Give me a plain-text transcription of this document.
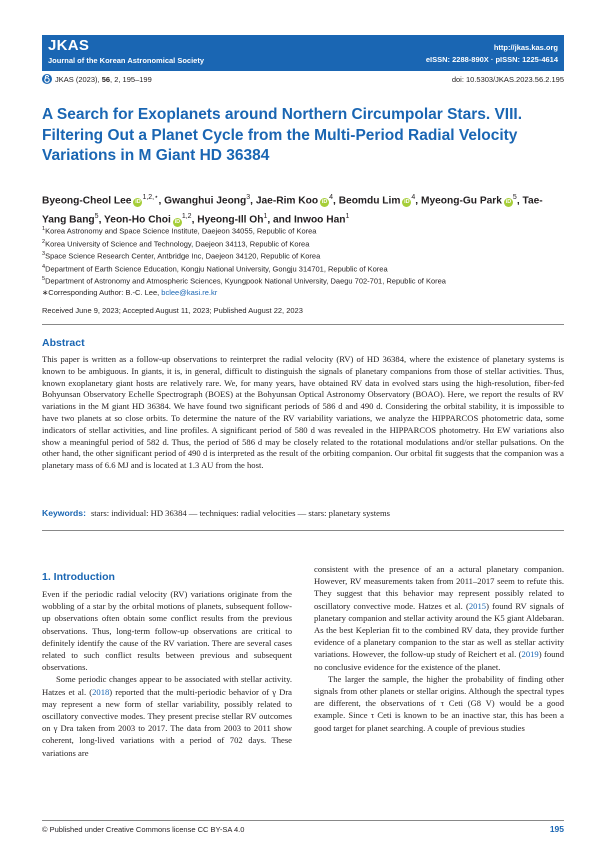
JKAS
Journal of the Korean Astronomical Society
http://jkas.kas.org
eISSN: 2288-890X · pISSN: 1225-4614
JKAS (2023), 56, 2, 195–199	doi: 10.5303/JKAS.2023.56.2.195
A Search for Exoplanets around Northern Circumpolar Stars. VIII. Filtering Out a Planet Cycle from the Multi-Period Radial Velocity Variations in M Giant HD 36384
Byeong-Cheol Lee $iD^{1,2,⋆}$, Gwanghui Jeong$^3$, Jae-Rim Koo $iD^4$, Beomdu Lim $iD^4$, Myeong-Gu Park $iD^5$, Tae-Yang Bang$^5$, Yeon-Ho Choi iD$^{1,2}$, Hyeong-Ill Oh$^1$, and Inwoo Han$^1$
$^1$Korea Astronomy and Space Science Institute, Daejeon 34055, Republic of Korea
$^2$Korea University of Science and Technology, Daejeon 34113, Republic of Korea
$^3$Space Science Research Center, Antbridge Inc, Daejeon 34120, Republic of Korea
$^4$Department of Earth Science Education, Kongju National University, Gongju 314701, Republic of Korea
$^5$Department of Astronomy and Atmospheric Sciences, Kyungpook National University, Daegu 702-701, Republic of Korea
∗Corresponding Author: B.-C. Lee, bclee@kasi.re.kr
Received June 9, 2023; Accepted August 11, 2023; Published August 22, 2023
Abstract
This paper is written as a follow-up observations to reinterpret the radial velocity (RV) of HD 36384, where the existence of planetary systems is known to be ambiguous. In giants, it is, in general, difficult to distinguish the signals of planetary companions from those of stellar activities. Thus, known exoplanetary giant hosts are relatively rare. We, for many years, have obtained RV data in evolved stars using the high-resolution, fiber-fed Bohyunsan Observatory Echelle Spectrograph (BOES) at the Bohyunsan Optical Astronomy Observatory (BOAO). Here, we report the results of RV variations in the M giant HD 36384. We have found two significant periods of 586 d and 490 d. Considering the orbital stability, it is impossible to have two planets at so close orbits. To determine the nature of the RV variability variations, we analyze the HIPPARCOS photometric data, some indicators of stellar activities, and line profiles. A significant period of 580 d was revealed in the HIPPARCOS photometry. Hα EW variations also show a meaningful period of 582 d. Thus, the period of 586 d may be closely related to the rotational modulations and/or stellar pulsations. On the other hand, the other significant period of 490 d is interpreted as the result of the orbiting companion. Our orbital fit suggests that the companion was a planetary mass of 6.6 MJ and is located at 1.3 AU from the host.
Keywords: stars: individual: HD 36384 — techniques: radial velocities — stars: planetary systems
1. Introduction

Even if the periodic radial velocity (RV) variations originate from the wobbling of a star by the orbital motions of planets, subsequent follow-up observations often obtain some conflict results from the previous observations. Thus, long-term follow-up observations are critical to definitely identify the cause of the RV variation. There are several cases related to such conflict results between previous and subsequent observations.

Some periodic changes appear to be associated with stellar activity. Hatzes et al. (2018) reported that the multi-periodic behavior of γ Dra may represent a new form of stellar variability, possibly related to oscillatory convective modes. They present precise stellar RV outcomes on γ Dra taken from 2003 to 2017. The data from 2003 to 2011 show coherent, long-lived variations with a period of 702 days. These variations are

consistent with the presence of an a actural planetary companion. However, RV measurements taken from 2011–2017 seem to refute this. They suggest that this behavior may represent possibly related to oscillatory convective mode. Hatzes et al. (2015) found RV signals of planetary companion and stellar activity around the K5 giant Aldebaran. As the best Keplerian fit to the combined RV data, they provide further evidence of a planetary companion to the star as well as stellar activity variations. However, the follow-up study of Reichert et al. (2019) found no conclusive evidence for the existence of the planet.

The larger the sample, the higher the probability of finding other signals from other planets or stellar origins. Although the spectral types are different, the observations of τ Ceti (G8 V) would be a good example. Since τ Ceti is known to be an inactive star, this has been a good target for planet searching. A couple of previous studies

© Published under Creative Commons license CC BY-SA 4.0	195
